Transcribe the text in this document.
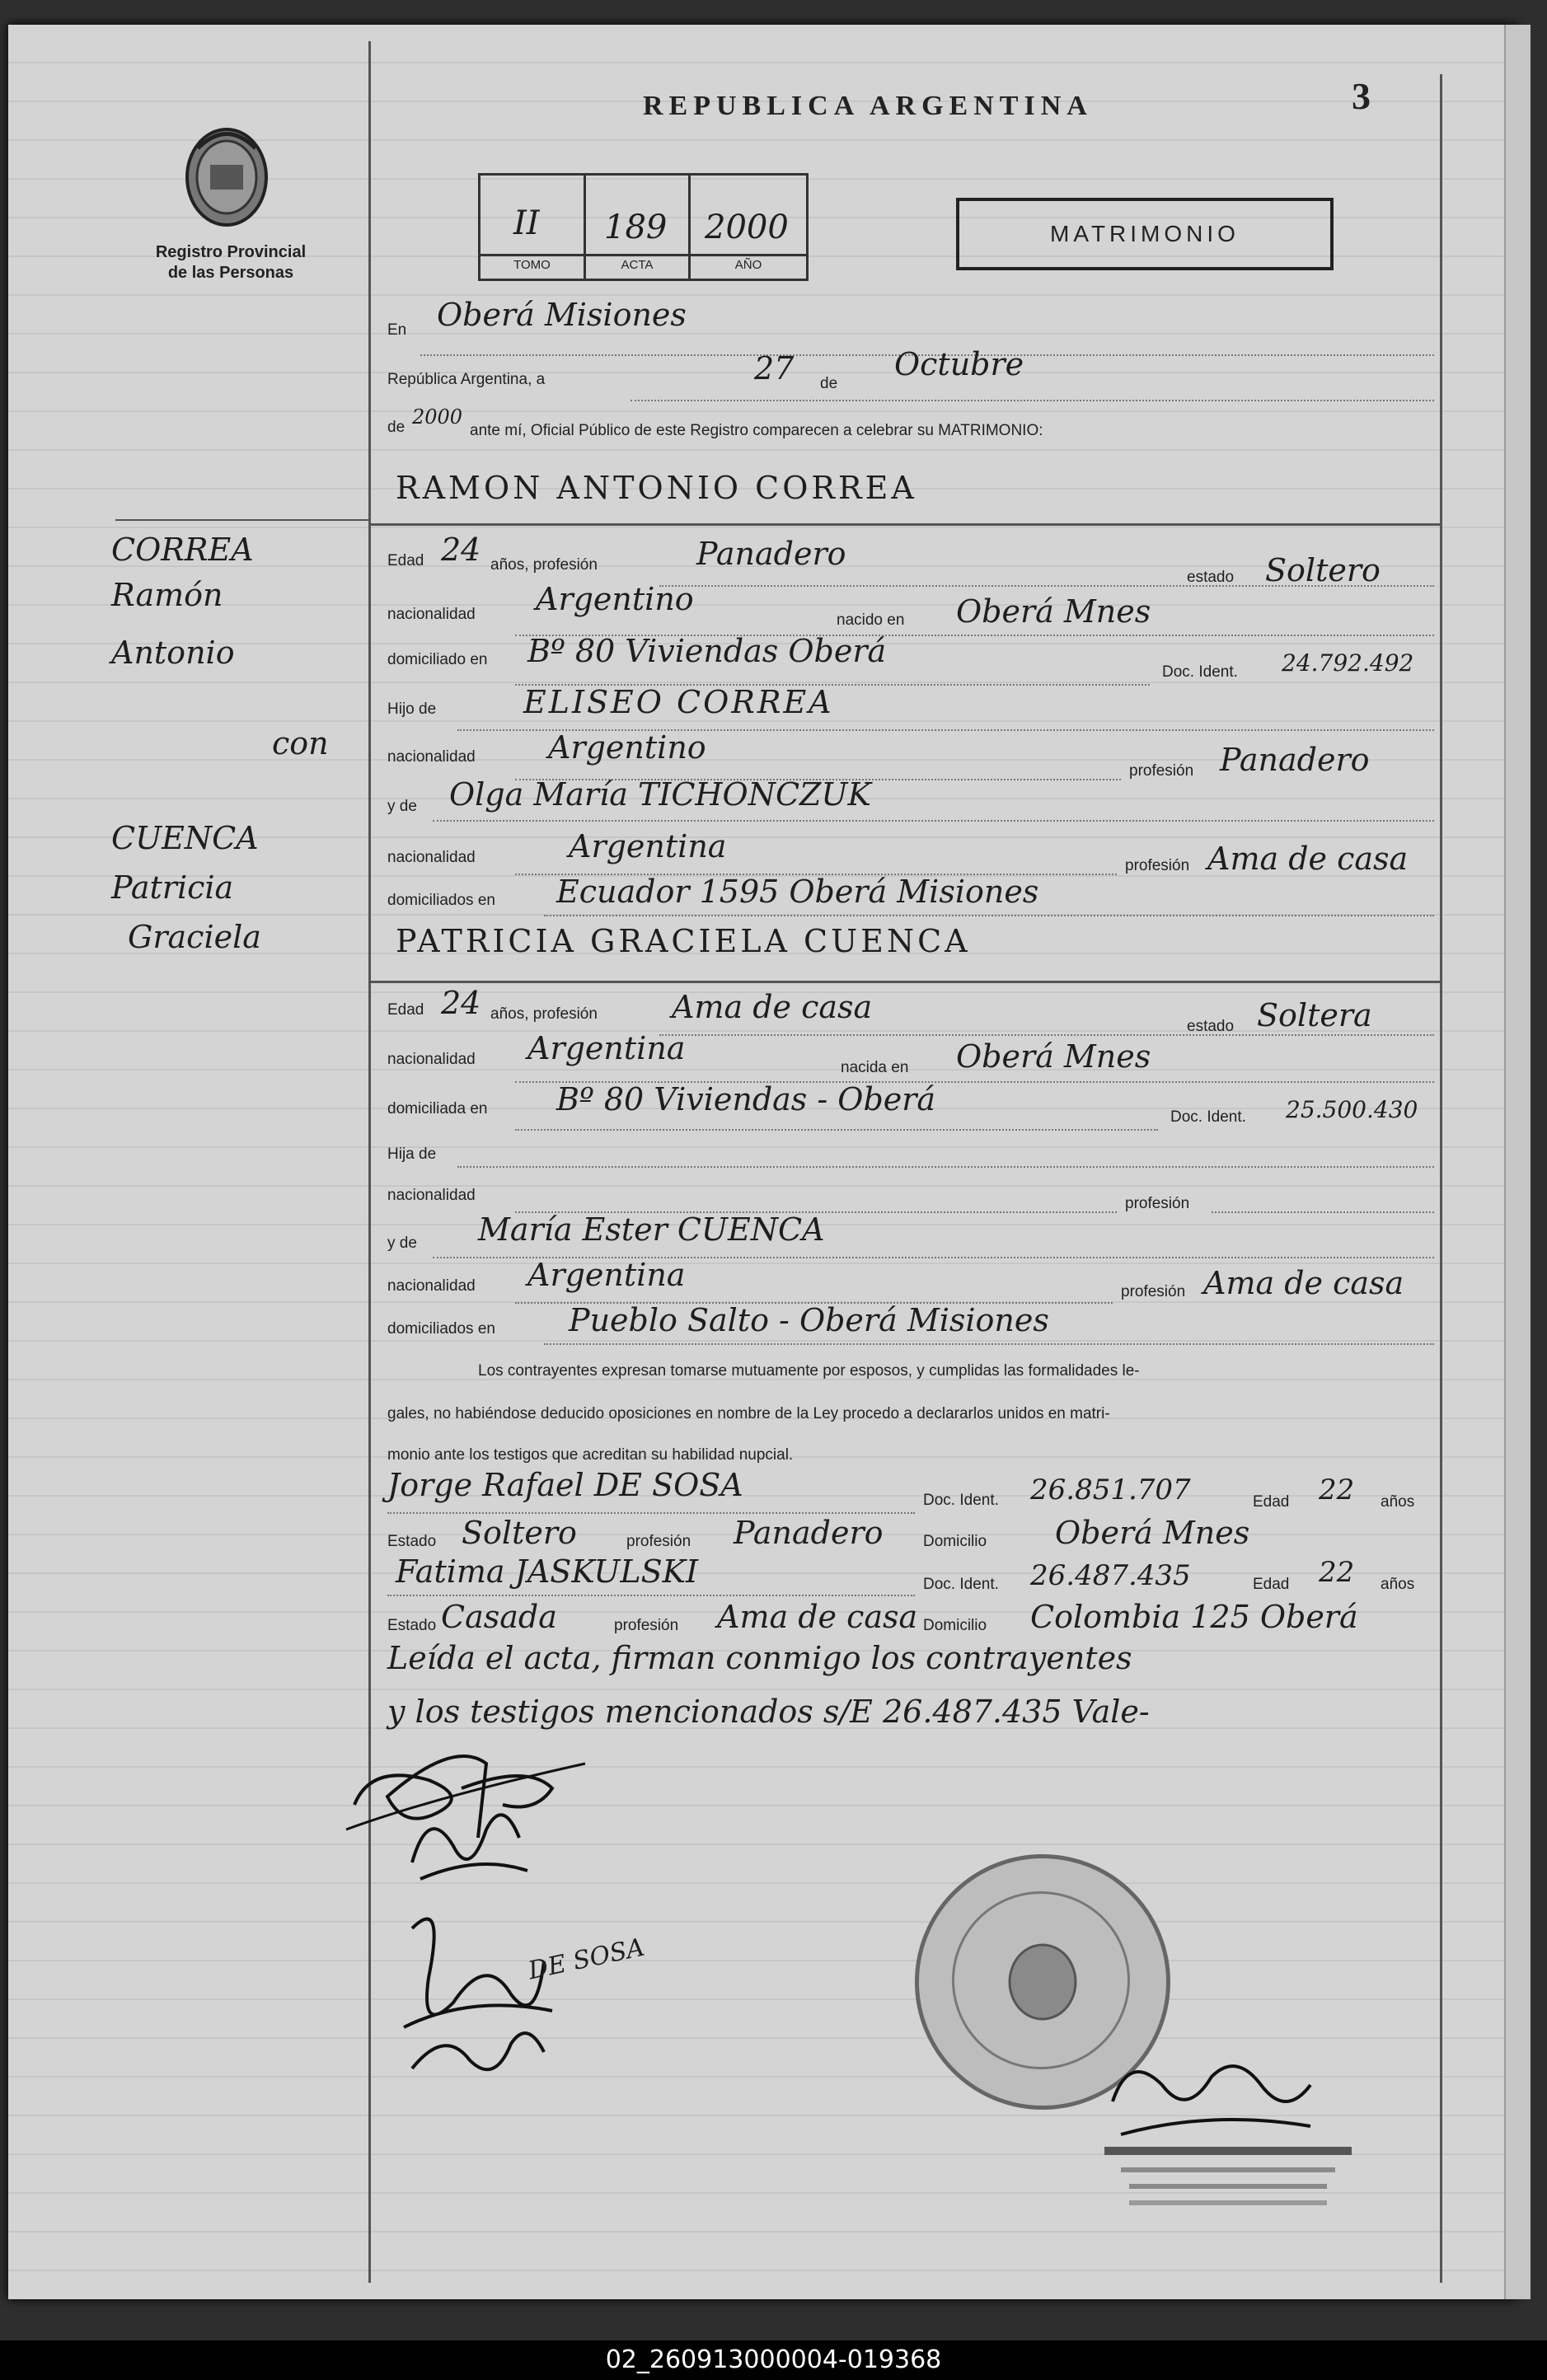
Registro Provincial
de las Personas
REPUBLICA ARGENTINA	3
II 189 2000
TOMO	ACTA	AÑO
MATRIMONIO
En Oberá Misiones
República Argentina, a	27 de
Octubre
de 2000
ante mí, Oficial Público de este Registro comparecen a celebrar su MATRIMONIO:
RAMON ANTONIO CORREA
CORREA
Ramón
Antonio
con
CUENCA
Patricia
Graciela
Edad 24 años, profesión	Panadero
estado Soltero
nacionalidad Argentino
nacido en Oberá Mnes
domiciliado en Bº 80 Viviendas Oberá
Doc. Ident. 24.792.492
Hijo de	ELISEO CORREA
nacionalidad Argentino
profesión Panadero
y de Olga María TICHONCZUK
nacionalidad	Argentina
profesión Ama de casa
domiciliados en Ecuador 1595 Oberá Misiones
PATRICIA GRACIELA CUENCA
Edad 24 años, profesión Ama de casa
estado Soltera
nacionalidad Argentina
nacida en Oberá Mnes
domiciliada en Bº 80 Viviendas - Oberá	Doc. Ident. 25.500.430
Hija de
nacionalidad	profesión
y de María Ester CUENCA
nacionalidad Argentina	profesión Ama de casa
domiciliados en Pueblo Salto - Oberá Misiones
Los contrayentes expresan tomarse mutuamente por esposos, y cumplidas las formalidades le-
gales, no habiéndose deducido oposiciones en nombre de la Ley procedo a declararlos unidos en matri-
monio ante los testigos que acreditan su habilidad nupcial.
Jorge Rafael DE SOSA	Doc. Ident. 26.851.707	Edad 22 años
Estado Soltero	profesión Panadero	Domicilio Oberá Mnes
Fatima JASKULSKI	Doc. Ident. 26.487.435	Edad 22 años
Estado Casada	profesión Ama de casa Domicilio Colombia 125 Oberá
Leída el acta, firman conmigo los contrayentes
y los testigos mencionados s/E 26.487.435 Vale-
DE SOSA
02_260913000004-019368
